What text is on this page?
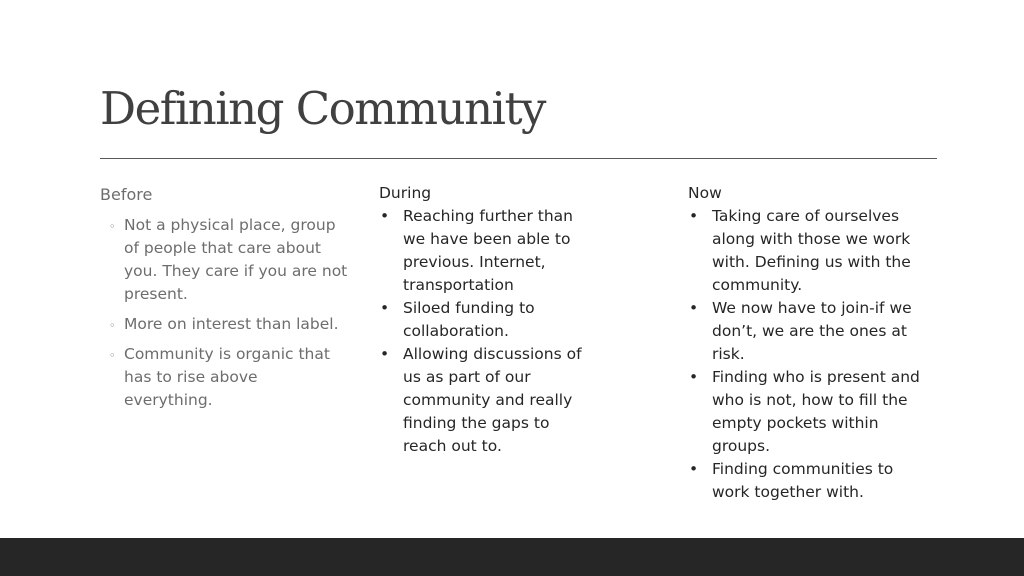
Defining Community
Before
◦ Not a physical place, group of people that care about you. They care if you are not present.
◦ More on interest than label.
◦ Community is organic that has to rise above everything.
During
• Reaching further than we have been able to previous. Internet, transportation
• Siloed funding to collaboration.
• Allowing discussions of us as part of our community and really finding the gaps to reach out to.
Now
• Taking care of ourselves along with those we work with. Defining us with the community.
• We now have to join-if we don’t, we are the ones at risk.
• Finding who is present and who is not, how to fill the empty pockets within groups.
• Finding communities to work together with.
